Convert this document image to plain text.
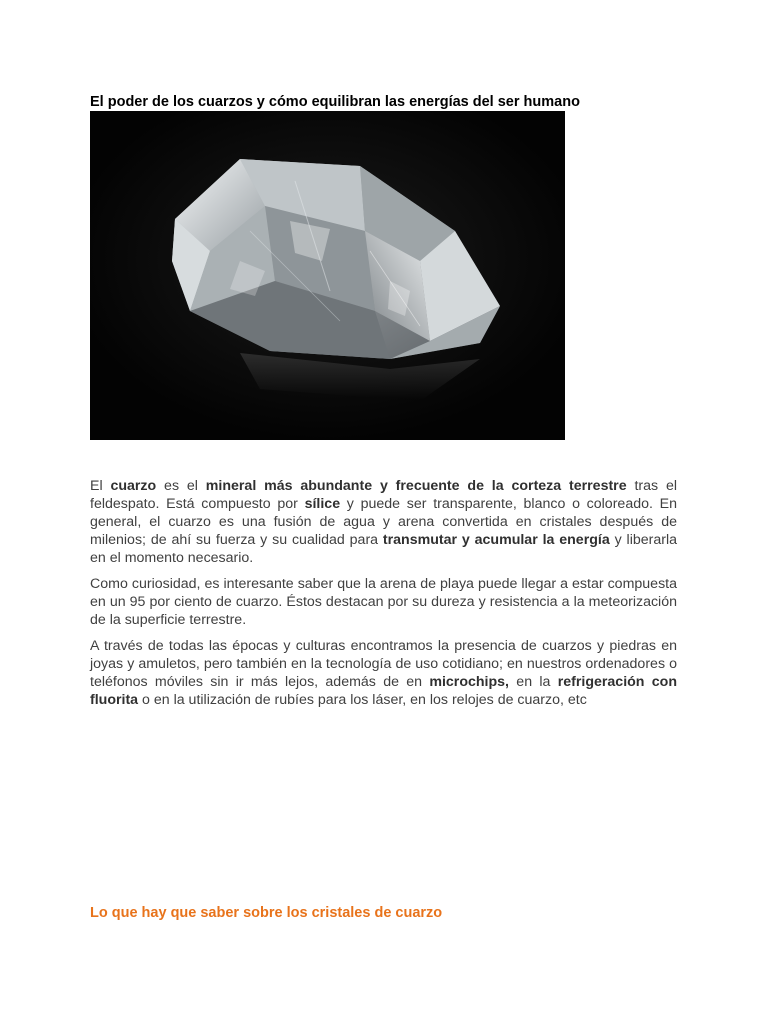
El poder de los cuarzos y cómo equilibran las energías del ser humano

El cuarzo es el mineral más abundante y frecuente de la corteza terrestre tras el feldespato. Está compuesto por sílice y puede ser transparente, blanco o coloreado. En general, el cuarzo es una fusión de agua y arena convertida en cristales después de milenios; de ahí su fuerza y su cualidad para transmutar y acumular la energía y liberarla en el momento necesario.

Como curiosidad, es interesante saber que la arena de playa puede llegar a estar compuesta en un 95 por ciento de cuarzo. Éstos destacan por su dureza y resistencia a la meteorización de la superficie terrestre.

A través de todas las épocas y culturas encontramos la presencia de cuarzos y piedras en joyas y amuletos, pero también en la tecnología de uso cotidiano; en nuestros ordenadores o teléfonos móviles sin ir más lejos, además de en microchips, en la refrigeración con fluorita o en la utilización de rubíes para los láser, en los relojes de cuarzo, etc

Lo que hay que saber sobre los cristales de cuarzo
